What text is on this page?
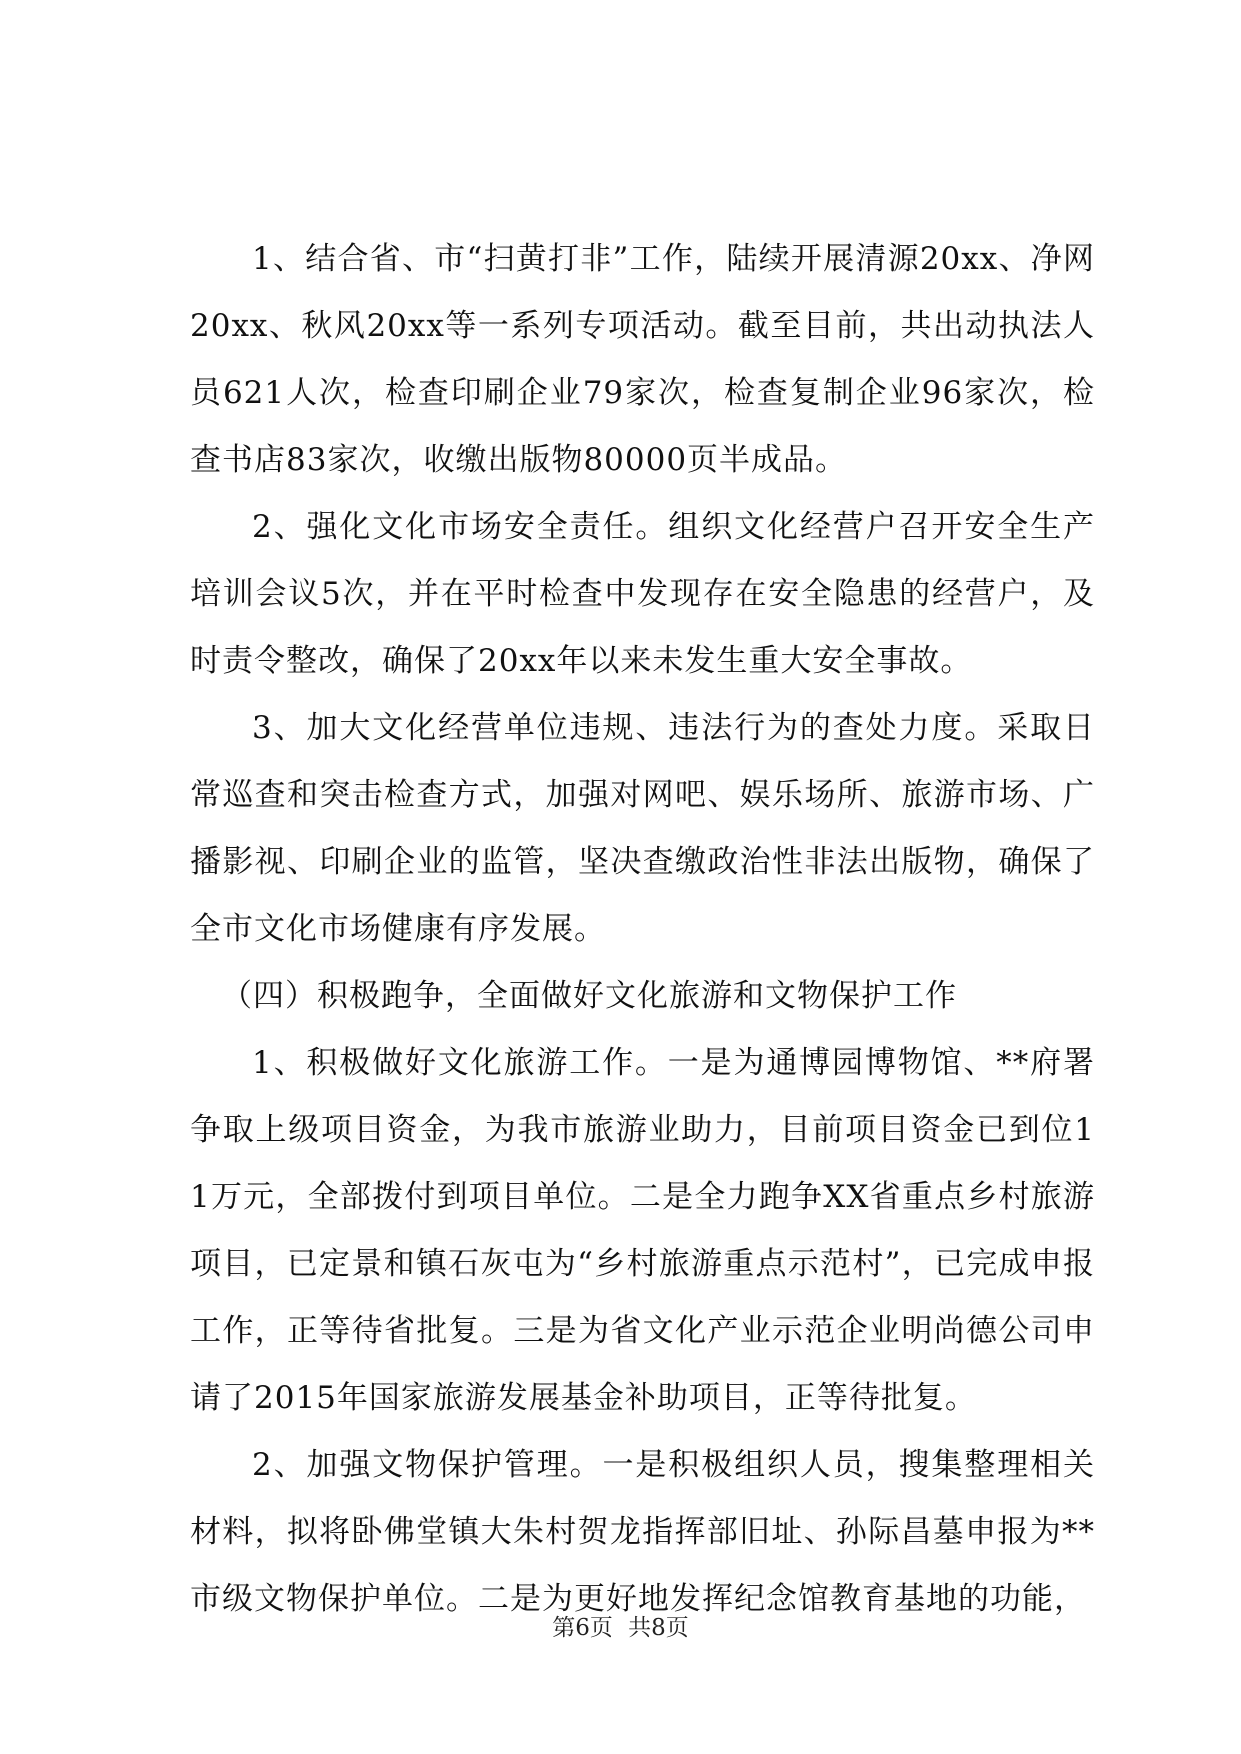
1、结合省、市“扫黄打非”工作，陆续开展清源20xx、净网20xx、秋风20xx等一系列专项活动。截至目前，共出动执法人员621人次，检查印刷企业79家次，检查复制企业96家次，检查书店83家次，收缴出版物80000页半成品。

2、强化文化市场安全责任。组织文化经营户召开安全生产培训会议5次，并在平时检查中发现存在安全隐患的经营户，及时责令整改，确保了20xx年以来未发生重大安全事故。

3、加大文化经营单位违规、违法行为的查处力度。采取日常巡查和突击检查方式，加强对网吧、娱乐场所、旅游市场、广播影视、印刷企业的监管，坚决查缴政治性非法出版物，确保了全市文化市场健康有序发展。

（四）积极跑争，全面做好文化旅游和文物保护工作

1、积极做好文化旅游工作。一是为通博园博物馆、**府署争取上级项目资金，为我市旅游业助力，目前项目资金已到位11万元，全部拨付到项目单位。二是全力跑争XX省重点乡村旅游项目，已定景和镇石灰屯为“乡村旅游重点示范村”，已完成申报工作，正等待省批复。三是为省文化产业示范企业明尚德公司申请了2015年国家旅游发展基金补助项目，正等待批复。

2、加强文物保护管理。一是积极组织人员，搜集整理相关材料，拟将卧佛堂镇大朱村贺龙指挥部旧址、孙际昌墓申报为**市级文物保护单位。二是为更好地发挥纪念馆教育基地的功能，

第6页 共8页
